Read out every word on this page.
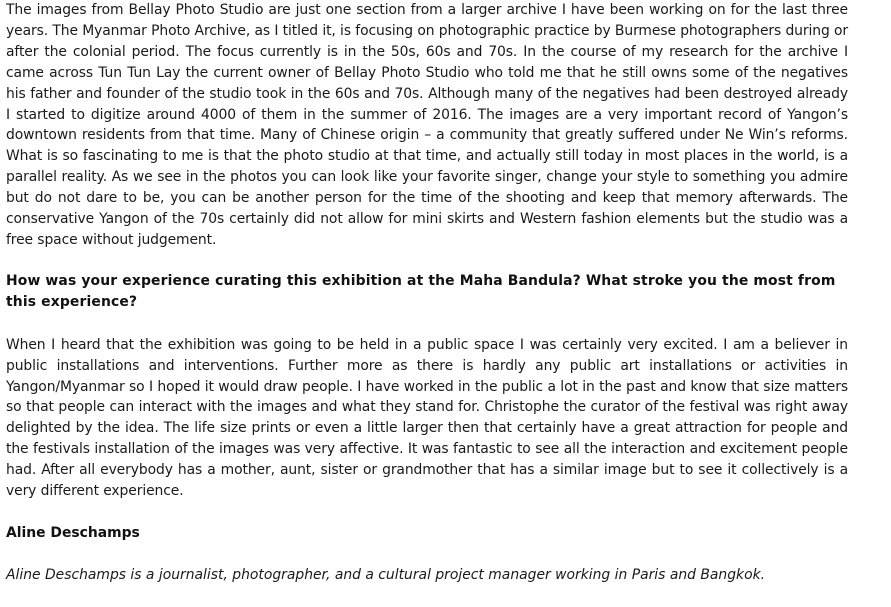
The images from Bellay Photo Studio are just one section from a larger archive I have been working on for the last three years. The Myanmar Photo Archive, as I titled it, is focusing on photographic practice by Burmese photographers during or after the colonial period. The focus currently is in the 50s, 60s and 70s. In the course of my research for the archive I came across Tun Tun Lay the current owner of Bellay Photo Studio who told me that he still owns some of the negatives his father and founder of the studio took in the 60s and 70s. Although many of the negatives had been destroyed already I started to digitize around 4000 of them in the summer of 2016. The images are a very important record of Yangon’s downtown residents from that time. Many of Chinese origin – a community that greatly suffered under Ne Win’s reforms. What is so fascinating to me is that the photo studio at that time, and actually still today in most places in the world, is a parallel reality. As we see in the photos you can look like your favorite singer, change your style to something you admire but do not dare to be, you can be another person for the time of the shooting and keep that memory afterwards. The conservative Yangon of the 70s certainly did not allow for mini skirts and Western fashion elements but the studio was a free space without judgement.

How was your experience curating this exhibition at the Maha Bandula? What stroke you the most from this experience?

When I heard that the exhibition was going to be held in a public space I was certainly very excited. I am a believer in public installations and interventions. Further more as there is hardly any public art installations or activities in Yangon/Myanmar so I hoped it would draw people. I have worked in the public a lot in the past and know that size matters so that people can interact with the images and what they stand for. Christophe the curator of the festival was right away delighted by the idea. The life size prints or even a little larger then that certainly have a great attraction for people and the festivals installation of the images was very affective. It was fantastic to see all the interaction and excitement people had. After all everybody has a mother, aunt, sister or grandmother that has a similar image but to see it collectively is a very different experience.

Aline Deschamps

Aline Deschamps is a journalist, photographer, and a cultural project manager working in Paris and Bangkok.
